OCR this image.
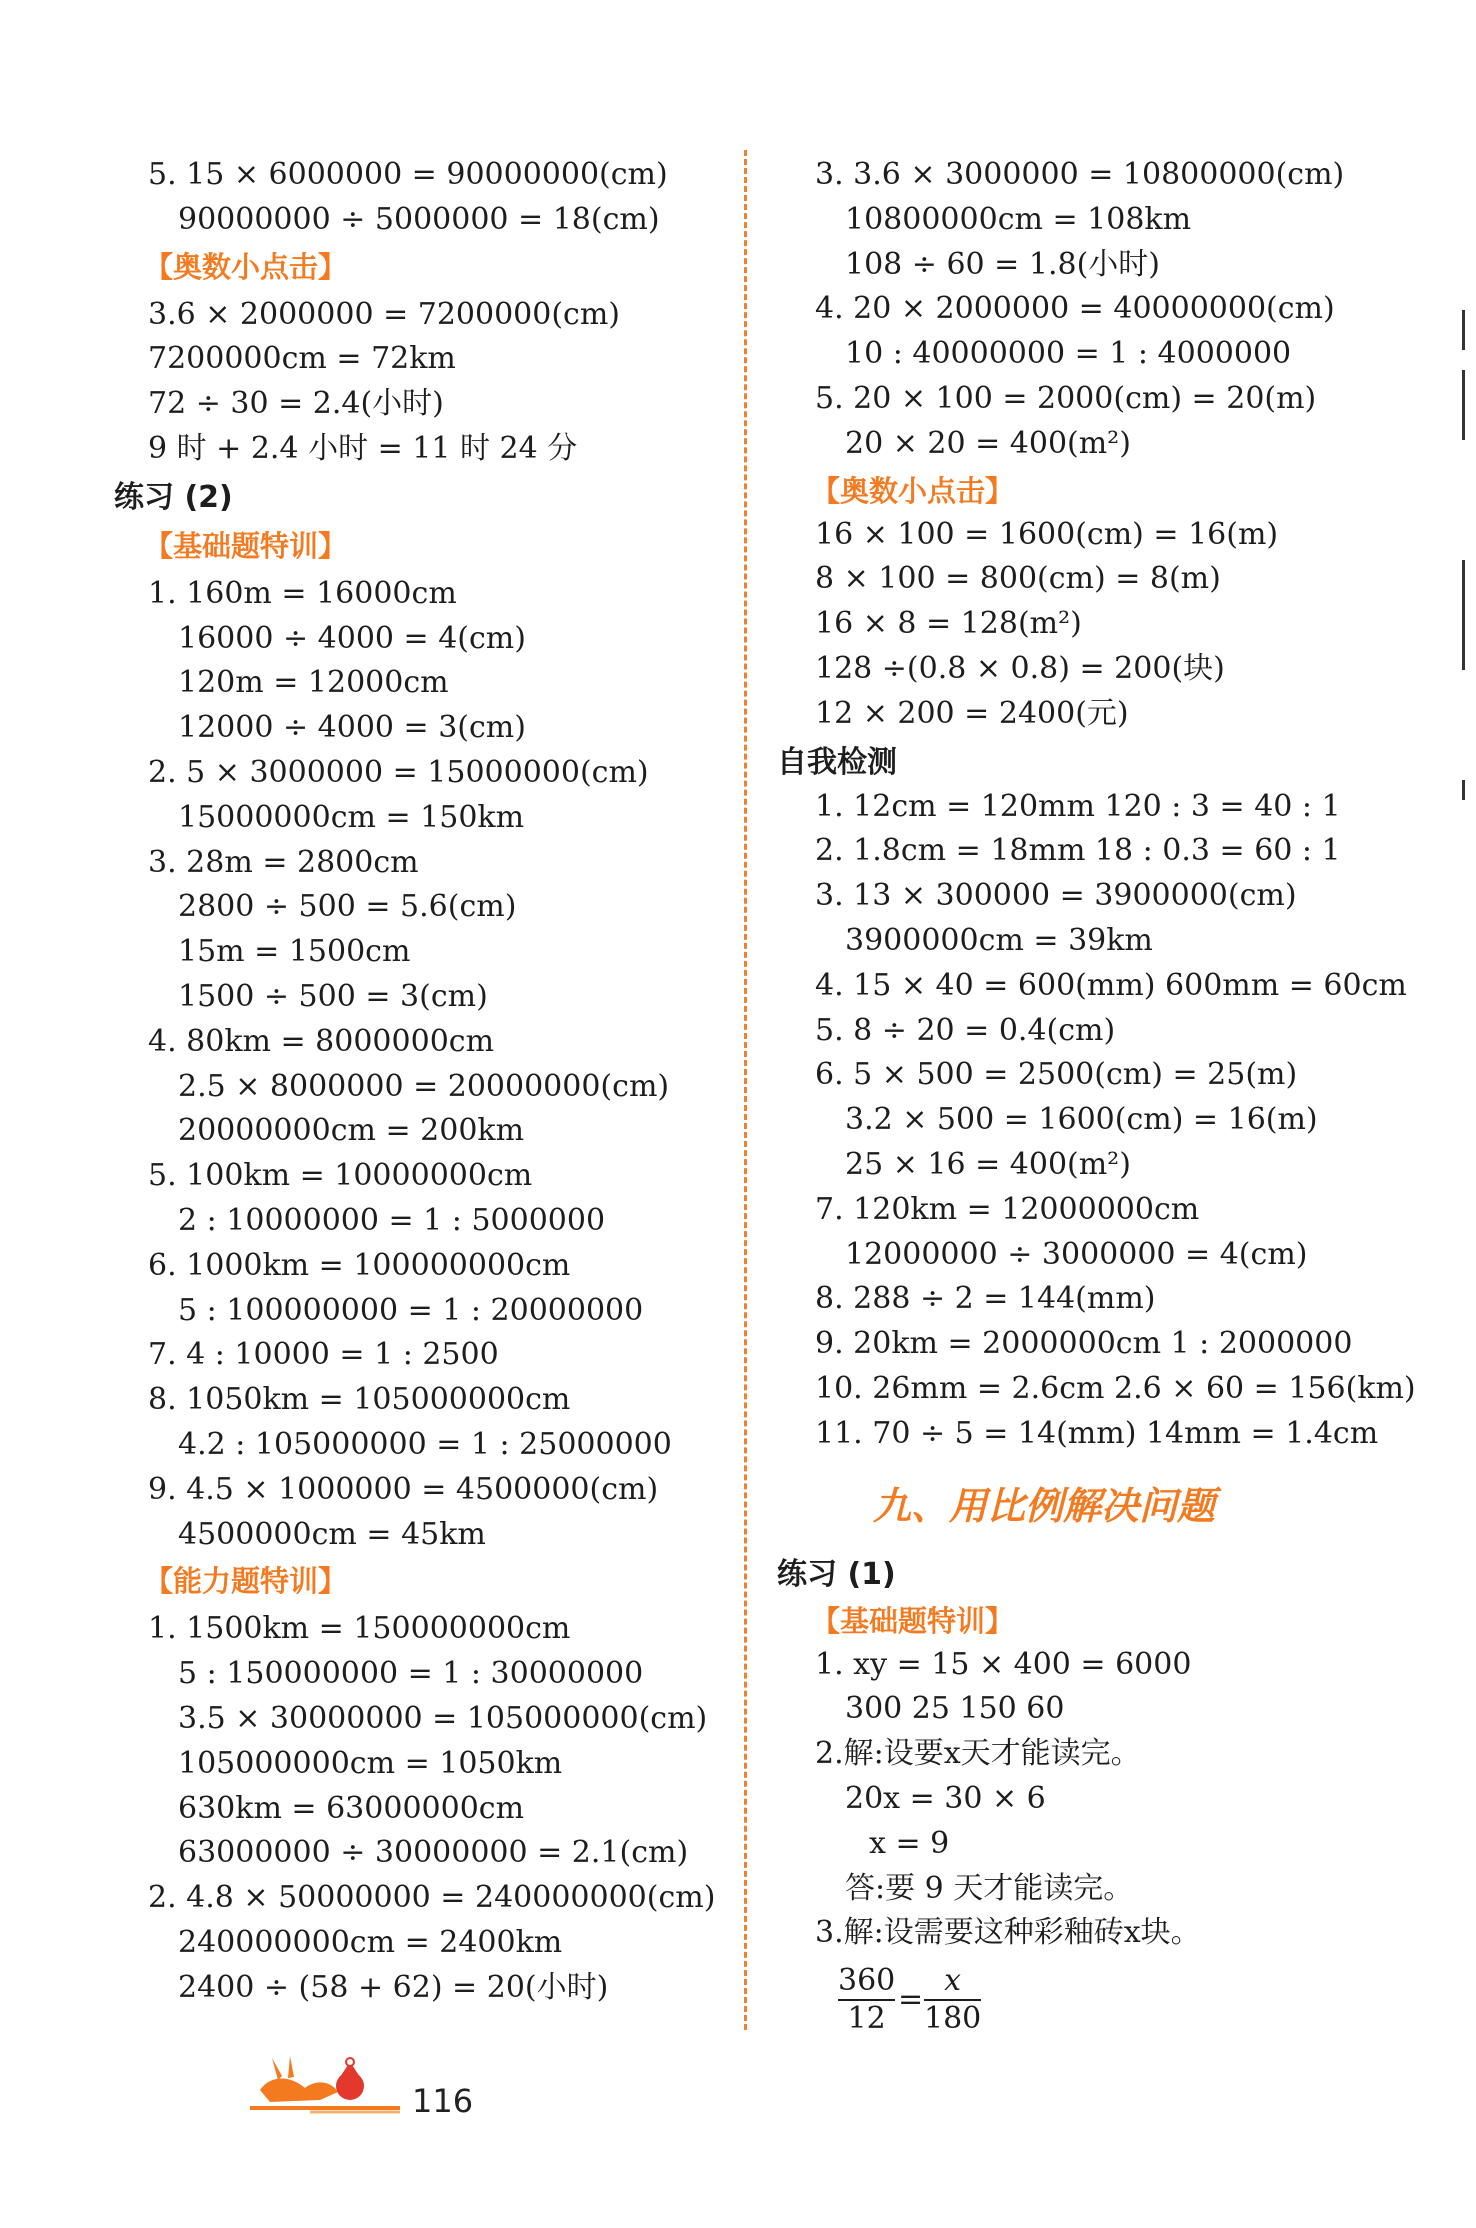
5. 15 × 6000000 = 90000000(cm)
90000000 ÷ 5000000 = 18(cm)
【奥数小点击】
3.6 × 2000000 = 7200000(cm)
7200000cm = 72km
72 ÷ 30 = 2.4(小时)
9 时 + 2.4 小时 = 11 时 24 分
练习 (2)
【基础题特训】
1. 160m = 16000cm
16000 ÷ 4000 = 4(cm)
120m = 12000cm
12000 ÷ 4000 = 3(cm)
2. 5 × 3000000 = 15000000(cm)
15000000cm = 150km
3. 28m = 2800cm
2800 ÷ 500 = 5.6(cm)
15m = 1500cm
1500 ÷ 500 = 3(cm)
4. 80km = 8000000cm
2.5 × 8000000 = 20000000(cm)
20000000cm = 200km
5. 100km = 10000000cm
2 : 10000000 = 1 : 5000000
6. 1000km = 100000000cm
5 : 100000000 = 1 : 20000000
7. 4 : 10000 = 1 : 2500
8. 1050km = 105000000cm
4.2 : 105000000 = 1 : 25000000
9. 4.5 × 1000000 = 4500000(cm)
4500000cm = 45km
【能力题特训】
1. 1500km = 150000000cm
5 : 150000000 = 1 : 30000000
3.5 × 30000000 = 105000000(cm)
105000000cm = 1050km
630km = 63000000cm
63000000 ÷ 30000000 = 2.1(cm)
2. 4.8 × 50000000 = 240000000(cm)
240000000cm = 2400km
2400 ÷ (58 + 62) = 20(小时)
3. 3.6 × 3000000 = 10800000(cm)
10800000cm = 108km
108 ÷ 60 = 1.8(小时)
4. 20 × 2000000 = 40000000(cm)
10 : 40000000 = 1 : 4000000
5. 20 × 100 = 2000(cm) = 20(m)
20 × 20 = 400(m²)
【奥数小点击】
16 × 100 = 1600(cm) = 16(m)
8 × 100 = 800(cm) = 8(m)
16 × 8 = 128(m²)
128 ÷(0.8 × 0.8) = 200(块)
12 × 200 = 2400(元)
自我检测
1. 12cm = 120mm 120 : 3 = 40 : 1
2. 1.8cm = 18mm 18 : 0.3 = 60 : 1
3. 13 × 300000 = 3900000(cm)
3900000cm = 39km
4. 15 × 40 = 600(mm) 600mm = 60cm
5. 8 ÷ 20 = 0.4(cm)
6. 5 × 500 = 2500(cm) = 25(m)
3.2 × 500 = 1600(cm) = 16(m)
25 × 16 = 400(m²)
7. 120km = 12000000cm
12000000 ÷ 3000000 = 4(cm)
8. 288 ÷ 2 = 144(mm)
9. 20km = 2000000cm 1 : 2000000
10. 26mm = 2.6cm 2.6 × 60 = 156(km)
11. 70 ÷ 5 = 14(mm) 14mm = 1.4cm
九、用比例解决问题
练习 (1)
【基础题特训】
1. xy = 15 × 400 = 6000
300 25 150 60
2.解:设要x天才能读完。
20x = 30 × 6
x = 9
答:要 9 天才能读完。
3.解:设需要这种彩釉砖x块。
360
12
=
x
180
116
